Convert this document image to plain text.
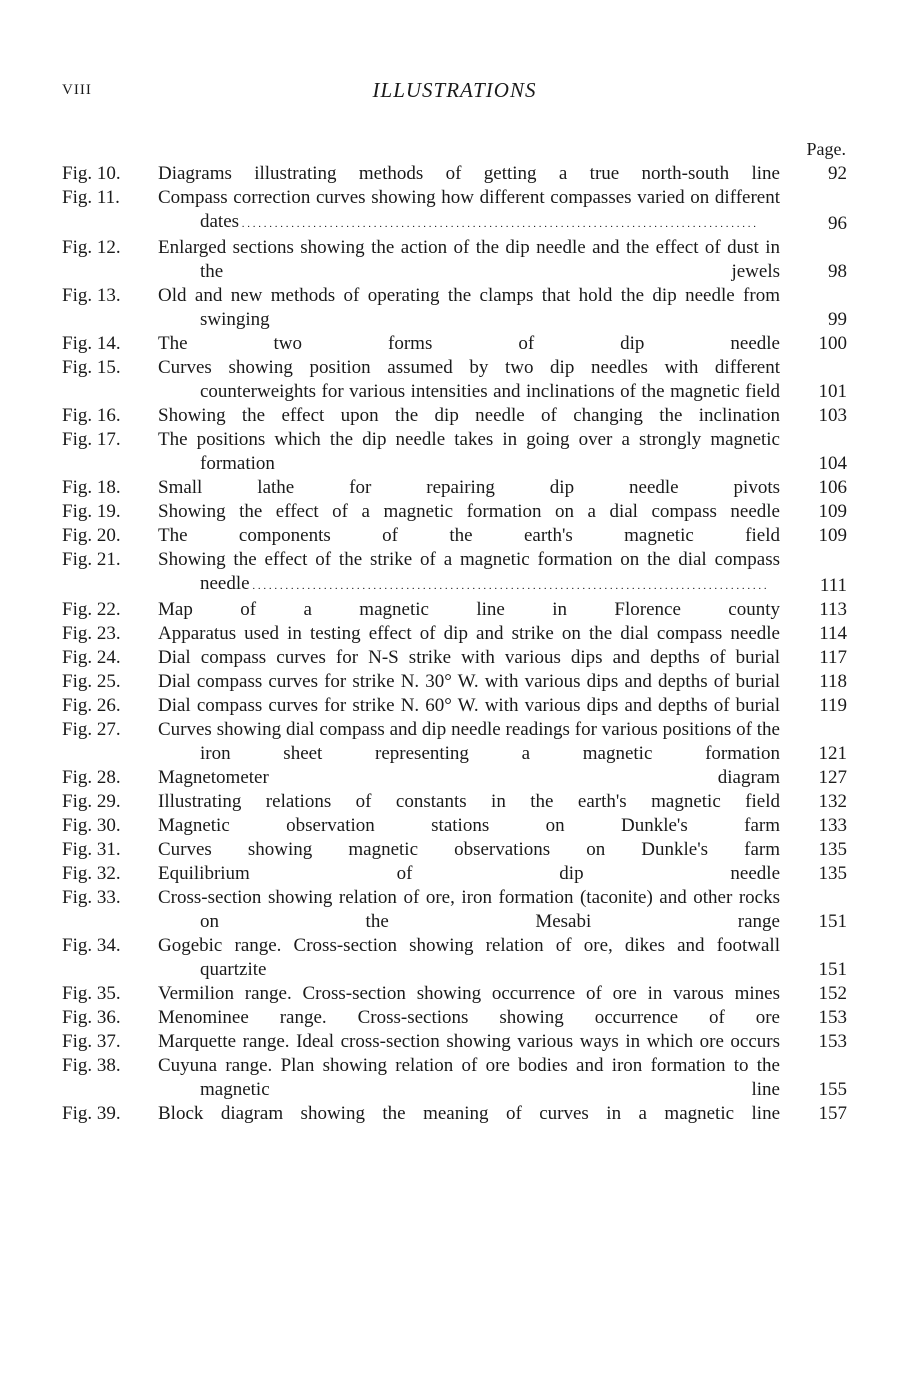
VIII	ILLUSTRATIONS
Page.
Fig. 10.	Diagrams illustrating methods of getting a true north-south line	92
Fig. 11.	Compass correction curves showing how different compasses varied on different dates . . .	96
Fig. 12.	Enlarged sections showing the action of the dip needle and the effect of dust in the jewels	98
Fig. 13.	Old and new methods of operating the clamps that hold the dip needle from swinging	99
Fig. 14.	The two forms of dip needle	100
Fig. 15.	Curves showing position assumed by two dip needles with different counterweights for various intensities and inclinations of the magnetic field	101
Fig. 16.	Showing the effect upon the dip needle of changing the inclination	103
Fig. 17.	The positions which the dip needle takes in going over a strongly magnetic formation	104
Fig. 18.	Small lathe for repairing dip needle pivots	106
Fig. 19.	Showing the effect of a magnetic formation on a dial compass needle	109
Fig. 20.	The components of the earth's magnetic field	109
Fig. 21.	Showing the effect of the strike of a magnetic formation on the dial compass needle . . .	111
Fig. 22.	Map of a magnetic line in Florence county	113
Fig. 23.	Apparatus used in testing effect of dip and strike on the dial compass needle	114
Fig. 24.	Dial compass curves for N-S strike with various dips and depths of burial	117
Fig. 25.	Dial compass curves for strike N. 30° W. with various dips and depths of burial	118
Fig. 26.	Dial compass curves for strike N. 60° W. with various dips and depths of burial	119
Fig. 27.	Curves showing dial compass and dip needle readings for various positions of the iron sheet representing a magnetic formation	121
Fig. 28.	Magnetometer diagram	127
Fig. 29.	Illustrating relations of constants in the earth's magnetic field	132
Fig. 30.	Magnetic observation stations on Dunkle's farm	133
Fig. 31.	Curves showing magnetic observations on Dunkle's farm	135
Fig. 32.	Equilibrium of dip needle	135
Fig. 33.	Cross-section showing relation of ore, iron formation (taconite) and other rocks on the Mesabi range	151
Fig. 34.	Gogebic range. Cross-section showing relation of ore, dikes and footwall quartzite	151
Fig. 35.	Vermilion range. Cross-section showing occurrence of ore in varous mines	152
Fig. 36.	Menominee range. Cross-sections showing occurrence of ore	153
Fig. 37.	Marquette range. Ideal cross-section showing various ways in which ore occurs	153
Fig. 38.	Cuyuna range. Plan showing relation of ore bodies and iron formation to the magnetic line	155
Fig. 39.	Block diagram showing the meaning of curves in a magnetic line	157
